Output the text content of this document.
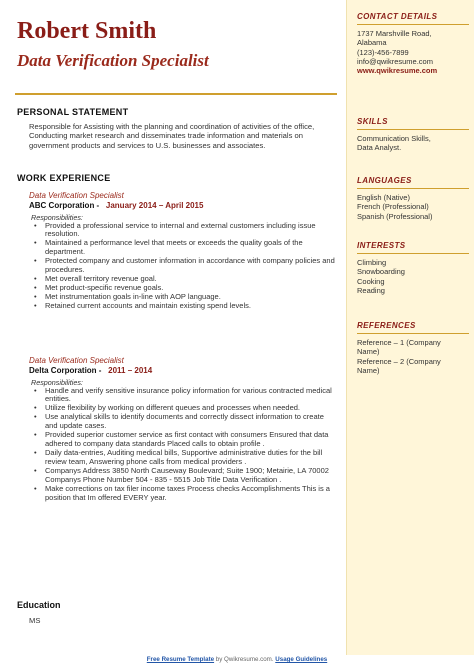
Robert Smith
Data Verification Specialist
PERSONAL STATEMENT
Responsible for Assisting with the planning and coordination of activities of the office, Conducting market research and disseminates trade information and materials on government products and services to U.S. businesses and associates.
WORK EXPERIENCE
Data Verification Specialist
ABC Corporation - January 2014 – April 2015
Responsibilities:
• Provided a professional service to internal and external customers including issue resolution.
• Maintained a performance level that meets or exceeds the quality goals of the department.
• Protected company and customer information in accordance with company policies and procedures.
• Met overall territory revenue goal.
• Met product-specific revenue goals.
• Met instrumentation goals in-line with AOP language.
• Retained current accounts and maintain existing spend levels.
Data Verification Specialist
Delta Corporation - 2011 – 2014
Responsibilities:
• Handle and verify sensitive insurance policy information for various contracted medical entities.
• Utilize flexibility by working on different queues and processes when needed.
• Use analytical skills to identify documents and correctly dissect information to create and update cases.
• Provided superior customer service as first contact with consumers Ensured that data adhered to company data standards Placed calls to obtain profile .
• Daily data-entries, Auditing medical bills, Supportive administrative duties for the bill review team, Answering phone calls from medical providers .
• Companys Address 3850 North Causeway Boulevard; Suite 1900; Metairie, LA 70002 Companys Phone Number 504 - 835 - 5515 Job Title Data Verification .
• Make corrections on tax filer income taxes Process checks Accomplishments This is a position that Im offered EVERY year.
Education
MS
CONTACT DETAILS
1737 Marshville Road,
Alabama
(123)-456-7899
info@qwikresume.com
www.qwikresume.com
SKILLS
Communication Skills,
Data Analyst.
LANGUAGES
English (Native)
French (Professional)
Spanish (Professional)
INTERESTS
Climbing
Snowboarding
Cooking
Reading
REFERENCES
Reference – 1 (Company
Name)
Reference – 2 (Company
Name)
Free Resume Template by Qwikresume.com. Usage Guidelines
